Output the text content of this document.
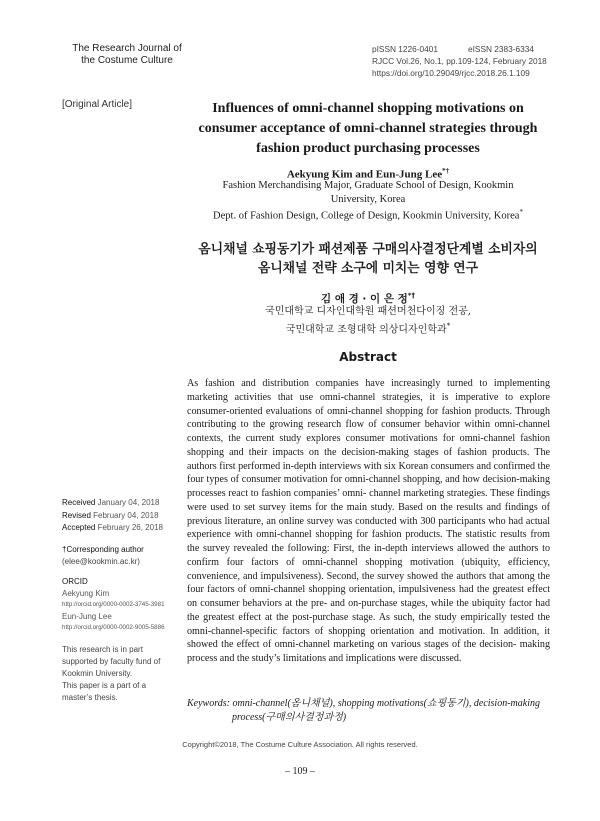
The Research Journal of
the Costume Culture
pISSN 1226-0401	eISSN 2383-6334
RJCC Vol.26, No.1, pp.109-124, February 2018
https://doi.org/10.29049/rjcc.2018.26.1.109
[Original Article]	Influences of omni-channel shopping motivations on
consumer acceptance of omni-channel strategies through
fashion product purchasing processes
Aekyung Kim and Eun-Jung Lee*†
Fashion Merchandising Major, Graduate School of Design, Kookmin
University, Korea
Dept. of Fashion Design, College of Design, Kookmin University, Korea*
옴니채널 쇼핑동기가 패션제품 구매의사결정단계별 소비자의
옴니채널 전략 소구에 미치는 영향 연구
김 애 경 · 이 은 정*†
국민대학교 디자인대학원 패션머천다이징 전공,
국민대학교 조형대학 의상디자인학과*
Abstract
As fashion and distribution companies have increasingly turned to implementing marketing activities that use omni-channel strategies, it is imperative to explore consumer-oriented evaluations of omni-channel shopping for fashion products. Through contributing to the growing research flow of consumer behavior within omni-channel contexts, the current study explores consumer motivations for omni-channel fashion shopping and their impacts on the decision-making stages of fashion products. The authors first performed in-depth interviews with six Korean consumers and confirmed the four types of consumer motivation for omni-channel shopping, and how decision-making processes react to fashion companies’ omni- channel marketing strategies. These findings were used to set survey items for the main study. Based on the results and findings of previous literature, an online survey was conducted with 300 participants who had actual experience with omni-channel shopping for fashion products. The statistic results from the survey revealed the following: First, the in-depth interviews allowed the authors to confirm four factors of omni-channel shopping motivation (ubiquity, efficiency, convenience, and impulsiveness). Second, the survey showed the authors that among the four factors of omni-channel shopping orientation, impulsiveness had the greatest effect on consumer behaviors at the pre- and on-purchase stages, while the ubiquity factor had the greatest effect at the post-purchase stage. As such, the study empirically tested the omni-channel-specific factors of shopping orientation and motivation. In addition, it showed the effect of omni-channel marketing on various stages of the decision- making process and the study’s limitations and implications were discussed.
Keywords: omni-channel(옴니채널), shopping motivations(쇼핑동기), decision-making
process(구매의사결정과정)
Received January 04, 2018
Revised February 04, 2018
Accepted February 26, 2018
†Corresponding author
(elee@kookmin.ac.kr)
ORCID
Aekyung Kim
http://orcid.org/0000-0002-3745-3981
Eun-Jung Lee
http://orcid.org/0000-0002-9005-5886
This research is in part
supported by faculty fund of
Kookmin University.
This paper is a part of a
master’s thesis.
Copyright©2018, The Costume Culture Association. All rights reserved.
– 109 –
